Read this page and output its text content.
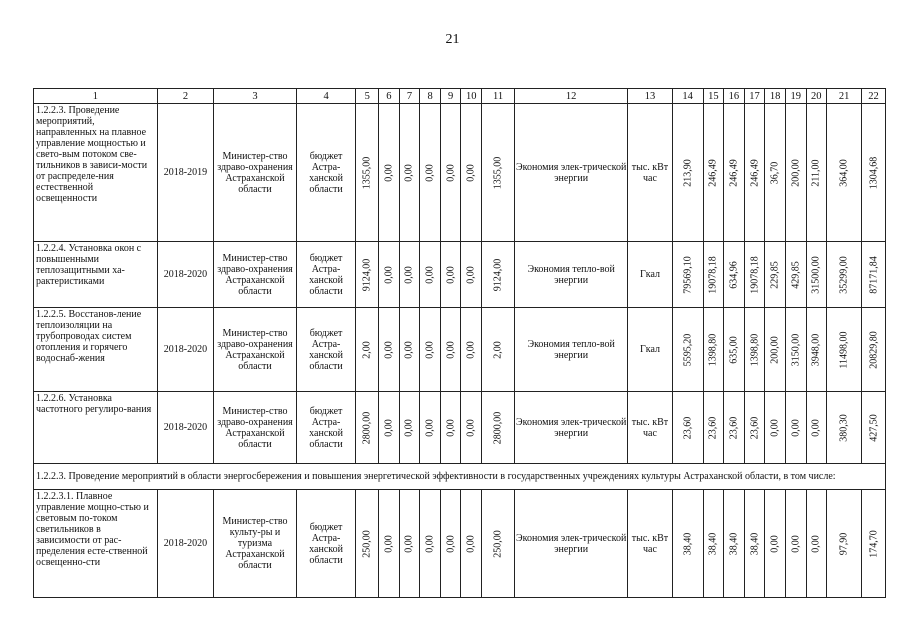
21
1	2	3	4	5	6	7	8	9	10	11	12	13	14	15	16	17	18	19	20	21	22
1.2.2.3. Проведение мероприятий, направленных на плавное управление мощностью и свето-вым потоком све-тильников в зависи-мости от распределе-ния естественной освещенности	2018-2019	Министер-ство здраво-охранения Астраханской области	бюджет Астра-ханской области	1355,00	0,00	0,00	0,00	0,00	0,00	1355,00	Экономия элек-трической энергии	тыс. кВт час	213,90	246,49	246,49	246,49	36,70	200,00	211,00	364,00	1304,68

1.2.2.4. Установка окон с повышенными теплозащитными ха-рактеристиками	2018-2020	Министер-ство здраво-охранения Астраханской области	бюджет Астра-ханской области	9124,00	0,00	0,00	0,00	0,00	0,00	9124,00	Экономия тепло-вой энергии	Гкал	79569,10	19078,18	634,96	19078,18	229,85	429,85	31500,00	35299,00	87171,84

1.2.2.5. Восстанов-ление теплоизоляции на трубопроводах систем отопления и горячего водоснаб-жения	2018-2020	Министер-ство здраво-охранения Астраханской области	бюджет Астра-ханской области	2,00	0,00	0,00	0,00	0,00	0,00	2,00	Экономия тепло-вой энергии	Гкал	5595,20	1398,80	635,00	1398,80	200,00	3150,00	3948,00	11498,00	20829,80

1.2.2.6. Установка частотного регулиро-вания	2018-2020	Министер-ство здраво-охранения Астраханской области	бюджет Астра-ханской области	2800,00	0,00	0,00	0,00	0,00	0,00	2800,00	Экономия элек-трической энергии	тыс. кВт час	23,60	23,60	23,60	23,60	0,00	0,00	0,00	380,30	427,50

1.2.2.3. Проведение мероприятий в области энергосбережения и повышения энергетической эффективности в государственных учреждениях культуры Астраханской области, в том числе:																					
1.2.2.3.1. Плавное управление мощно-стью и световым по-током светильников в зависимости от рас-пределения есте-ственной освещенно-сти	2018-2020	Министер-ство культу-ры и туризма Астраханской области	бюджет Астра-ханской области	250,00	0,00	0,00	0,00	0,00	0,00	250,00	Экономия элек-трической энергии	тыс. кВт час	38,40	38,40	38,40	38,40	0,00	0,00	0,00	97,90	174,70
